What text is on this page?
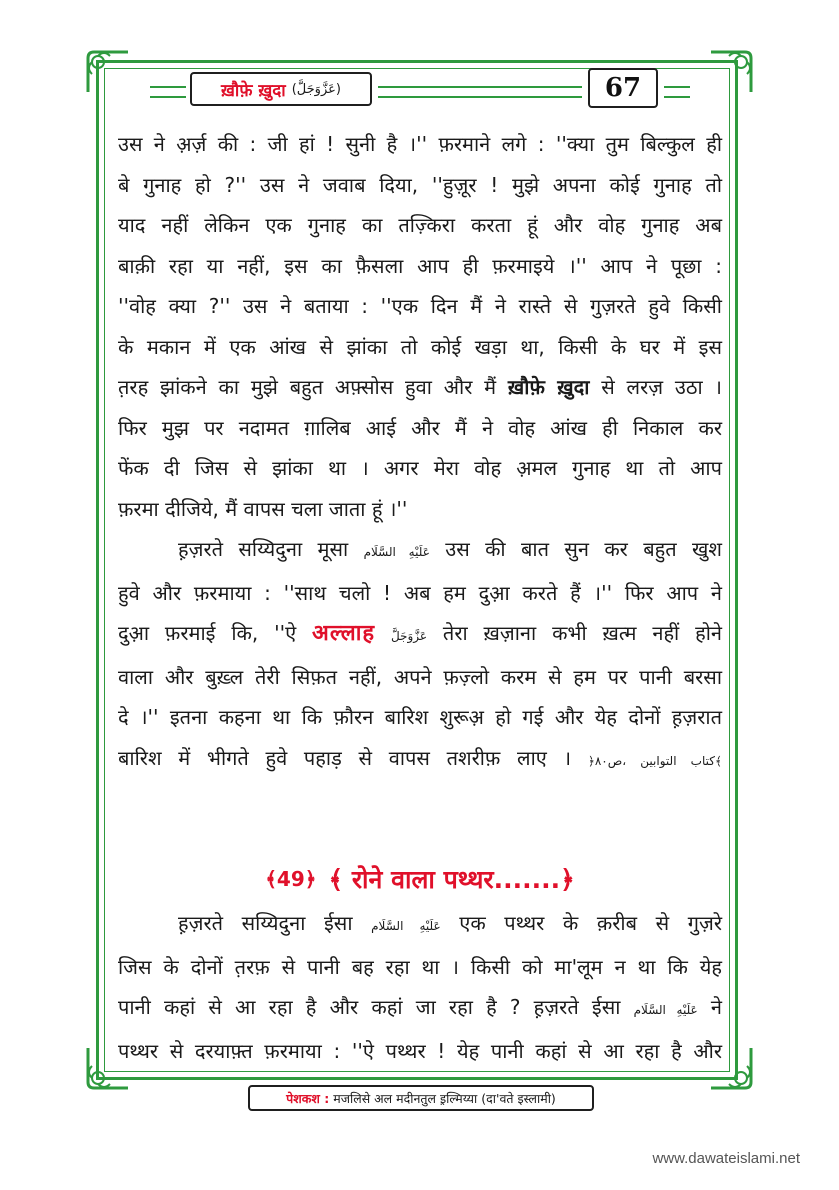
ख़ौफ़े ख़ुदा (عَزَّوَجَلَّ)	67

उस ने अ़र्ज़ की : जी हां ! सुनी है ।'' फ़रमाने लगे : ''क्या तुम बिल्कुल ही

बे गुनाह हो ?'' उस ने जवाब दिया, ''हुज़ूर ! मुझे अपना कोई गुनाह तो

याद नहीं लेकिन एक गुनाह का तज़्किरा करता हूं और वोह गुनाह अब

बाक़ी रहा या नहीं, इस का फ़ैसला आप ही फ़रमाइये ।'' आप ने पूछा :

''वोह क्या ?'' उस ने बताया : ''एक दिन मैं ने रास्ते से गुज़रते हुवे किसी

के मकान में एक आंख से झांका तो कोई खड़ा था, किसी के घर में इस

त़रह झांकने का मुझे बहुत अफ़्सोस हुवा और मैं ख़ौफ़े ख़ुदा से लरज़ उठा ।

फिर मुझ पर नदामत ग़ालिब आई और मैं ने वोह आंख ही निकाल कर

फेंक दी जिस से झांका था । अगर मेरा वोह अ़मल गुनाह था तो आप

फ़रमा दीजिये, मैं वापस चला जाता हूं ।''

ह़ज़रते सय्यिदुना मूसा عَلَيْهِ السَّلَام उस की बात सुन कर बहुत खुश

हुवे और फ़रमाया : ''साथ चलो ! अब हम दुआ़ करते हैं ।'' फिर आप ने

दुआ़ फ़रमाई कि, ''ऐ अल्लाह عَزَّوَجَلَّ तेरा ख़ज़ाना कभी ख़त्म नहीं होने

वाला और बुख़्ल तेरी सिफ़त नहीं, अपने फ़ज़्लो करम से हम पर पानी बरसा

दे ।'' इतना कहना था कि फ़ौरन बारिश शुरूअ़ हो गई और येह दोनों ह़ज़रात

बारिश में भीगते हुवे पहाड़ से वापस तशरीफ़ लाए । ﴿كتاب التوابين ،ص٨٠﴾

﴾49﴿ ﴾ रोने वाला पथ्थर.......﴿

ह़ज़रते सय्यिदुना ईसा عَلَيْهِ السَّلَام एक पथ्थर के क़रीब से गुज़रे

जिस के दोनों त़रफ़ से पानी बह रहा था । किसी को मा'लूम न था कि येह

पानी कहां से आ रहा है और कहां जा रहा है ? ह़ज़रते ईसा عَلَيْهِ السَّلَام ने

पथ्थर से दरयाफ़्त फ़रमाया : ''ऐ पथ्थर ! येह पानी कहां से आ रहा है और

पेशकश : मजलिसे अल मदीनतुल इ़ल्मिय्या (दा'वते इस्लामी)
www.dawateislami.net
